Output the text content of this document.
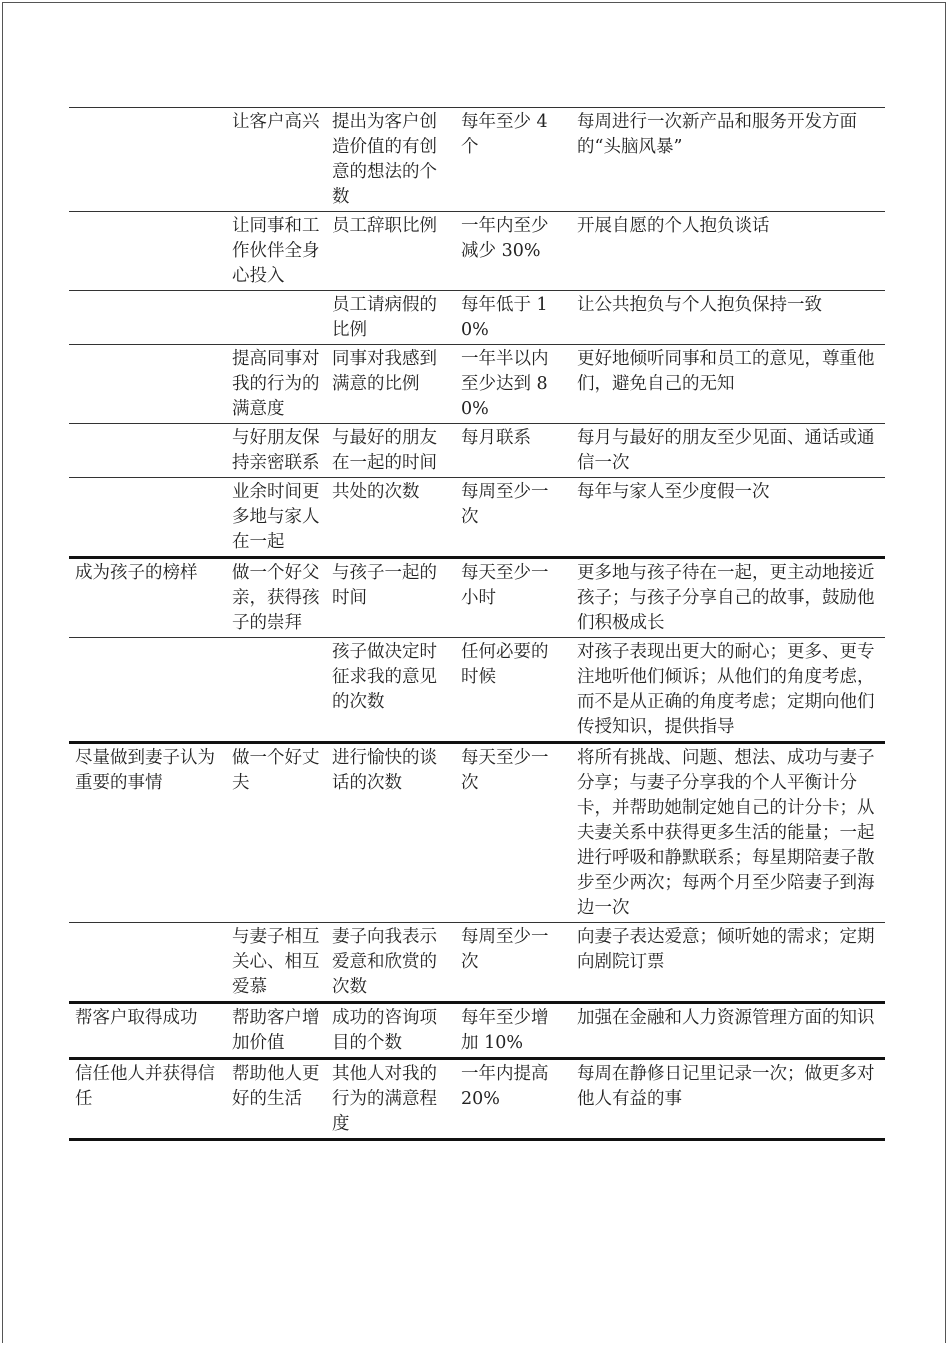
	让客户高兴	提出为客户创造价值的有创意的想法的个数	每年至少 4 个	每周进行一次新产品和服务开发方面的“头脑风暴”
	让同事和工作伙伴全身心投入	员工辞职比例	一年内至少减少 30%	开展自愿的个人抱负谈话
		员工请病假的比例	每年低于 10%	让公共抱负与个人抱负保持一致
	提高同事对我的行为的满意度	同事对我感到满意的比例	一年半以内至少达到 80%	更好地倾听同事和员工的意见，尊重他们，避免自己的无知
	与好朋友保持亲密联系	与最好的朋友在一起的时间	每月联系	每月与最好的朋友至少见面、通话或通信一次
	业余时间更多地与家人在一起	共处的次数	每周至少一次	每年与家人至少度假一次
成为孩子的榜样	做一个好父亲，获得孩子的崇拜	与孩子一起的时间	每天至少一小时	更多地与孩子待在一起，更主动地接近孩子；与孩子分享自己的故事，鼓励他们积极成长
		孩子做决定时征求我的意见的次数	任何必要的时候	对孩子表现出更大的耐心；更多、更专注地听他们倾诉；从他们的角度考虑，而不是从正确的角度考虑；定期向他们传授知识，提供指导
尽量做到妻子认为重要的事情	做一个好丈夫	进行愉快的谈话的次数	每天至少一次	将所有挑战、问题、想法、成功与妻子分享；与妻子分享我的个人平衡计分卡，并帮助她制定她自己的计分卡；从夫妻关系中获得更多生活的能量；一起进行呼吸和静默联系；每星期陪妻子散步至少两次；每两个月至少陪妻子到海边一次
	与妻子相互关心、相互爱慕	妻子向我表示爱意和欣赏的次数	每周至少一次	向妻子表达爱意；倾听她的需求；定期向剧院订票
帮客户取得成功	帮助客户增加价值	成功的咨询项目的个数	每年至少增加 10%	加强在金融和人力资源管理方面的知识
信任他人并获得信任	帮助他人更好的生活	其他人对我的行为的满意程度	一年内提高 20%	每周在静修日记里记录一次；做更多对他人有益的事
